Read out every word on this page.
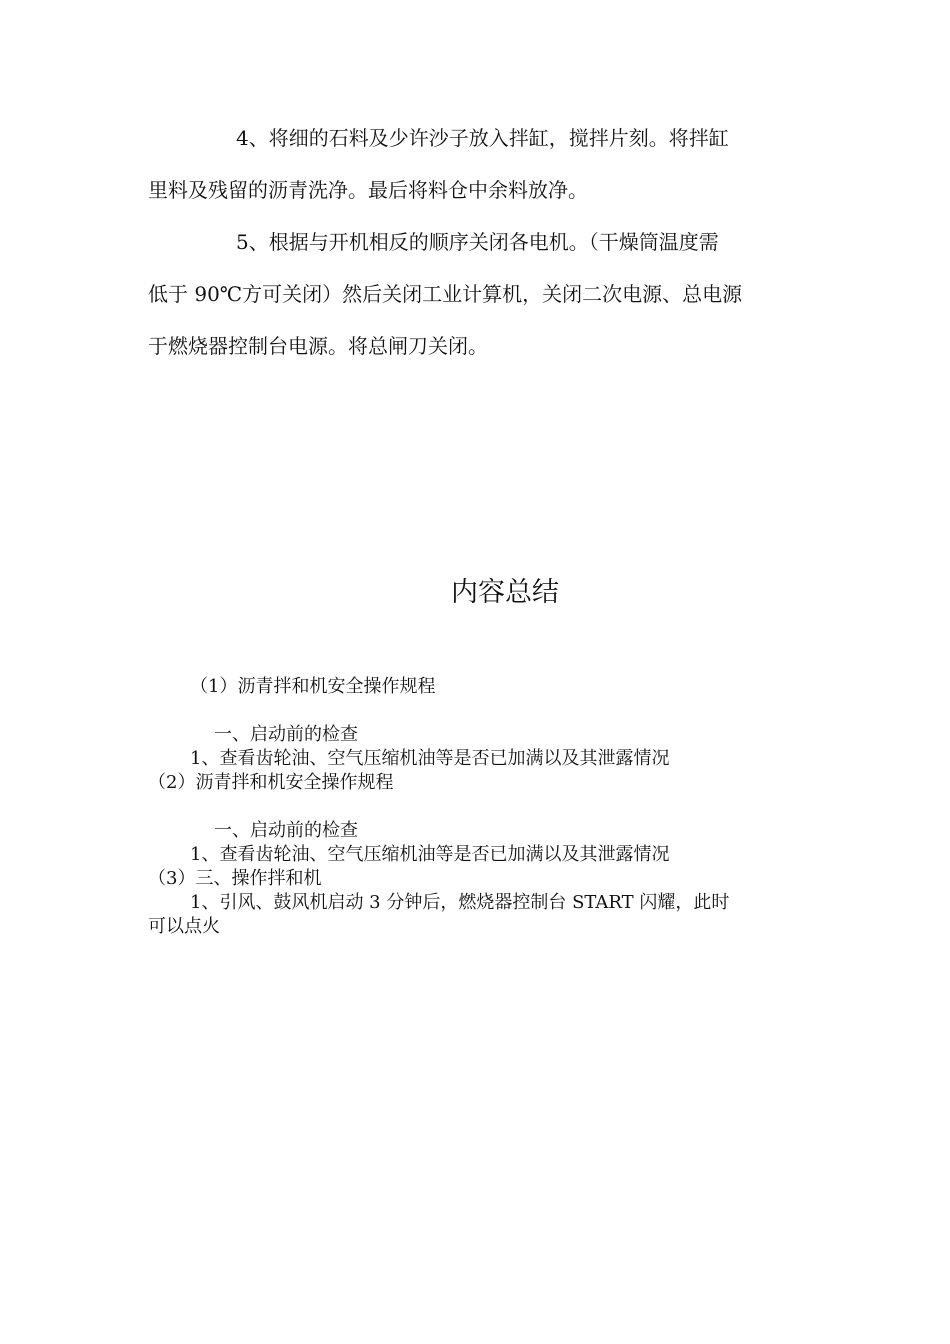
4、将细的石料及少许沙子放入拌缸，搅拌片刻。将拌缸
里料及残留的沥青洗净。最后将料仓中余料放净。
5、根据与开机相反的顺序关闭各电机。（干燥筒温度需
低于 90℃方可关闭）然后关闭工业计算机，关闭二次电源、总电源
于燃烧器控制台电源。将总闸刀关闭。
内容总结
（1）沥青拌和机安全操作规程
一、启动前的检查
1、查看齿轮油、空气压缩机油等是否已加满以及其泄露情况
（2）沥青拌和机安全操作规程
一、启动前的检查
1、查看齿轮油、空气压缩机油等是否已加满以及其泄露情况
（3）三、操作拌和机
1、引风、鼓风机启动 3 分钟后，燃烧器控制台 START 闪耀，此时
可以点火
